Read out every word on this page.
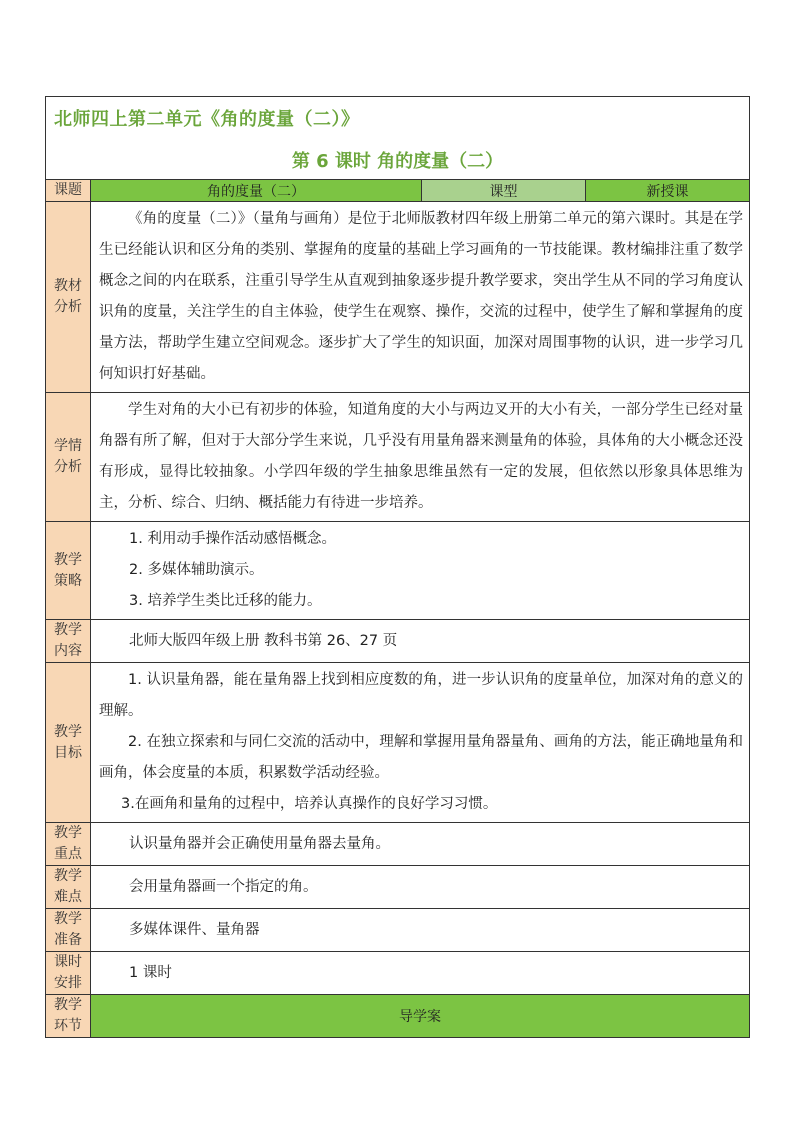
北师四上第二单元《角的度量（二）》
第 6 课时 角的度量（二）			

课题	角的度量（二）	课型	新授课
教材分析	《角的度量（二）》（量角与画角）是位于北师版教材四年级上册第二单元的第六课时。其是在学生已经能认识和区分角的类别、掌握角的度量的基础上学习画角的一节技能课。教材编排注重了数学概念之间的内在联系，注重引导学生从直观到抽象逐步提升教学要求，突出学生从不同的学习角度认识角的度量，关注学生的自主体验，使学生在观察、操作，交流的过程中，使学生了解和掌握角的度量方法，帮助学生建立空间观念。逐步扩大了学生的知识面，加深对周围事物的认识，进一步学习几何知识打好基础。		
学情分析	学生对角的大小已有初步的体验，知道角度的大小与两边叉开的大小有关，一部分学生已经对量角器有所了解，但对于大部分学生来说，几乎没有用量角器来测量角的体验，具体角的大小概念还没有形成，显得比较抽象。小学四年级的学生抽象思维虽然有一定的发展，但依然以形象具体思维为主，分析、综合、归纳、概括能力有待进一步培养。		
教学策略	1. 利用动手操作活动感悟概念。
2. 多媒体辅助演示。
3. 培养学生类比迁移的能力。		

教学内容	北师大版四年级上册 教科书第 26、27 页		

教学目标	1. 认识量角器，能在量角器上找到相应度数的角，进一步认识角的度量单位，加深对角的意义的理解。
2. 在独立探索和与同仁交流的活动中，理解和掌握用量角器量角、画角的方法，能正确地量角和画角，体会度量的本质，积累数学活动经验。
3.在画角和量角的过程中，培养认真操作的良好学习习惯。		

教学重点	认识量角器并会正确使用量角器去量角。		

教学难点	会用量角器画一个指定的角。		

教学准备	多媒体课件、量角器		

课时安排	1 课时		

教学环节	导学案		
